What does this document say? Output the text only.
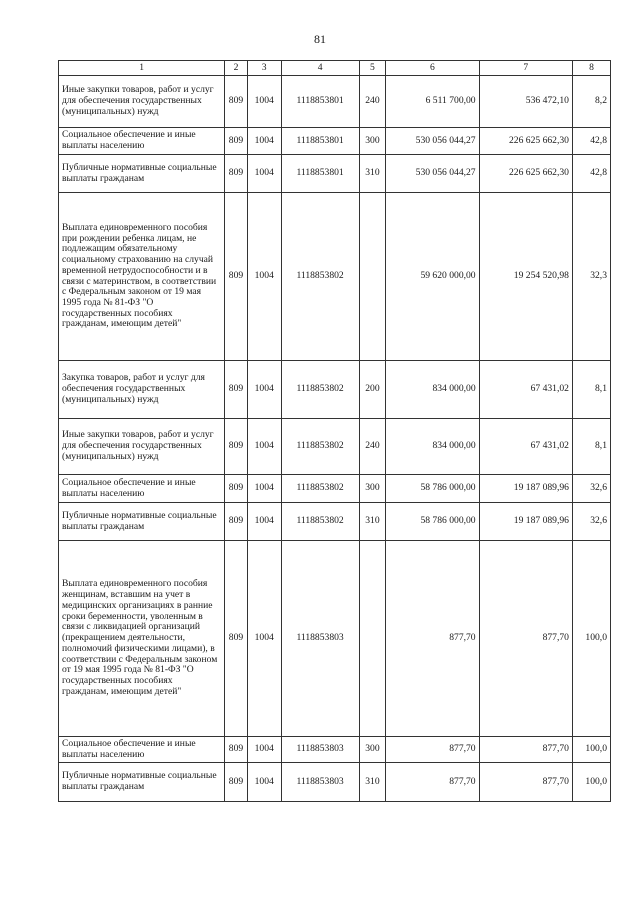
81
1	2	3	4	5	6	7	8
Иные закупки товаров, работ и услуг для обеспечения государственных (муниципальных) нужд	809	1004	1118853801	240	6 511 700,00	536 472,10	8,2
Социальное обеспечение и иные выплаты населению	809	1004	1118853801	300	530 056 044,27	226 625 662,30	42,8
Публичные нормативные социальные выплаты гражданам	809	1004	1118853801	310	530 056 044,27	226 625 662,30	42,8
Выплата единовременного пособия при рождении ребенка лицам, не подлежащим обязательному социальному страхованию на случай временной нетрудоспособности и в связи с материнством, в соответствии с Федеральным законом от 19 мая 1995 года № 81-ФЗ "О государственных пособиях гражданам, имеющим детей"	809	1004	1118853802		59 620 000,00	19 254 520,98	32,3
Закупка товаров, работ и услуг для обеспечения государственных (муниципальных) нужд	809	1004	1118853802	200	834 000,00	67 431,02	8,1
Иные закупки товаров, работ и услуг для обеспечения государственных (муниципальных) нужд	809	1004	1118853802	240	834 000,00	67 431,02	8,1
Социальное обеспечение и иные выплаты населению	809	1004	1118853802	300	58 786 000,00	19 187 089,96	32,6
Публичные нормативные социальные выплаты гражданам	809	1004	1118853802	310	58 786 000,00	19 187 089,96	32,6
Выплата единовременного пособия женщинам, вставшим на учет в медицинских организациях в ранние сроки беременности, уволенным в связи с ликвидацией организаций (прекращением деятельности, полномочий физическими лицами), в соответствии с Федеральным законом от 19 мая 1995 года № 81-ФЗ "О государственных пособиях гражданам, имеющим детей"	809	1004	1118853803		877,70	877,70	100,0
Социальное обеспечение и иные выплаты населению	809	1004	1118853803	300	877,70	877,70	100,0
Публичные нормативные социальные выплаты гражданам	809	1004	1118853803	310	877,70	877,70	100,0
